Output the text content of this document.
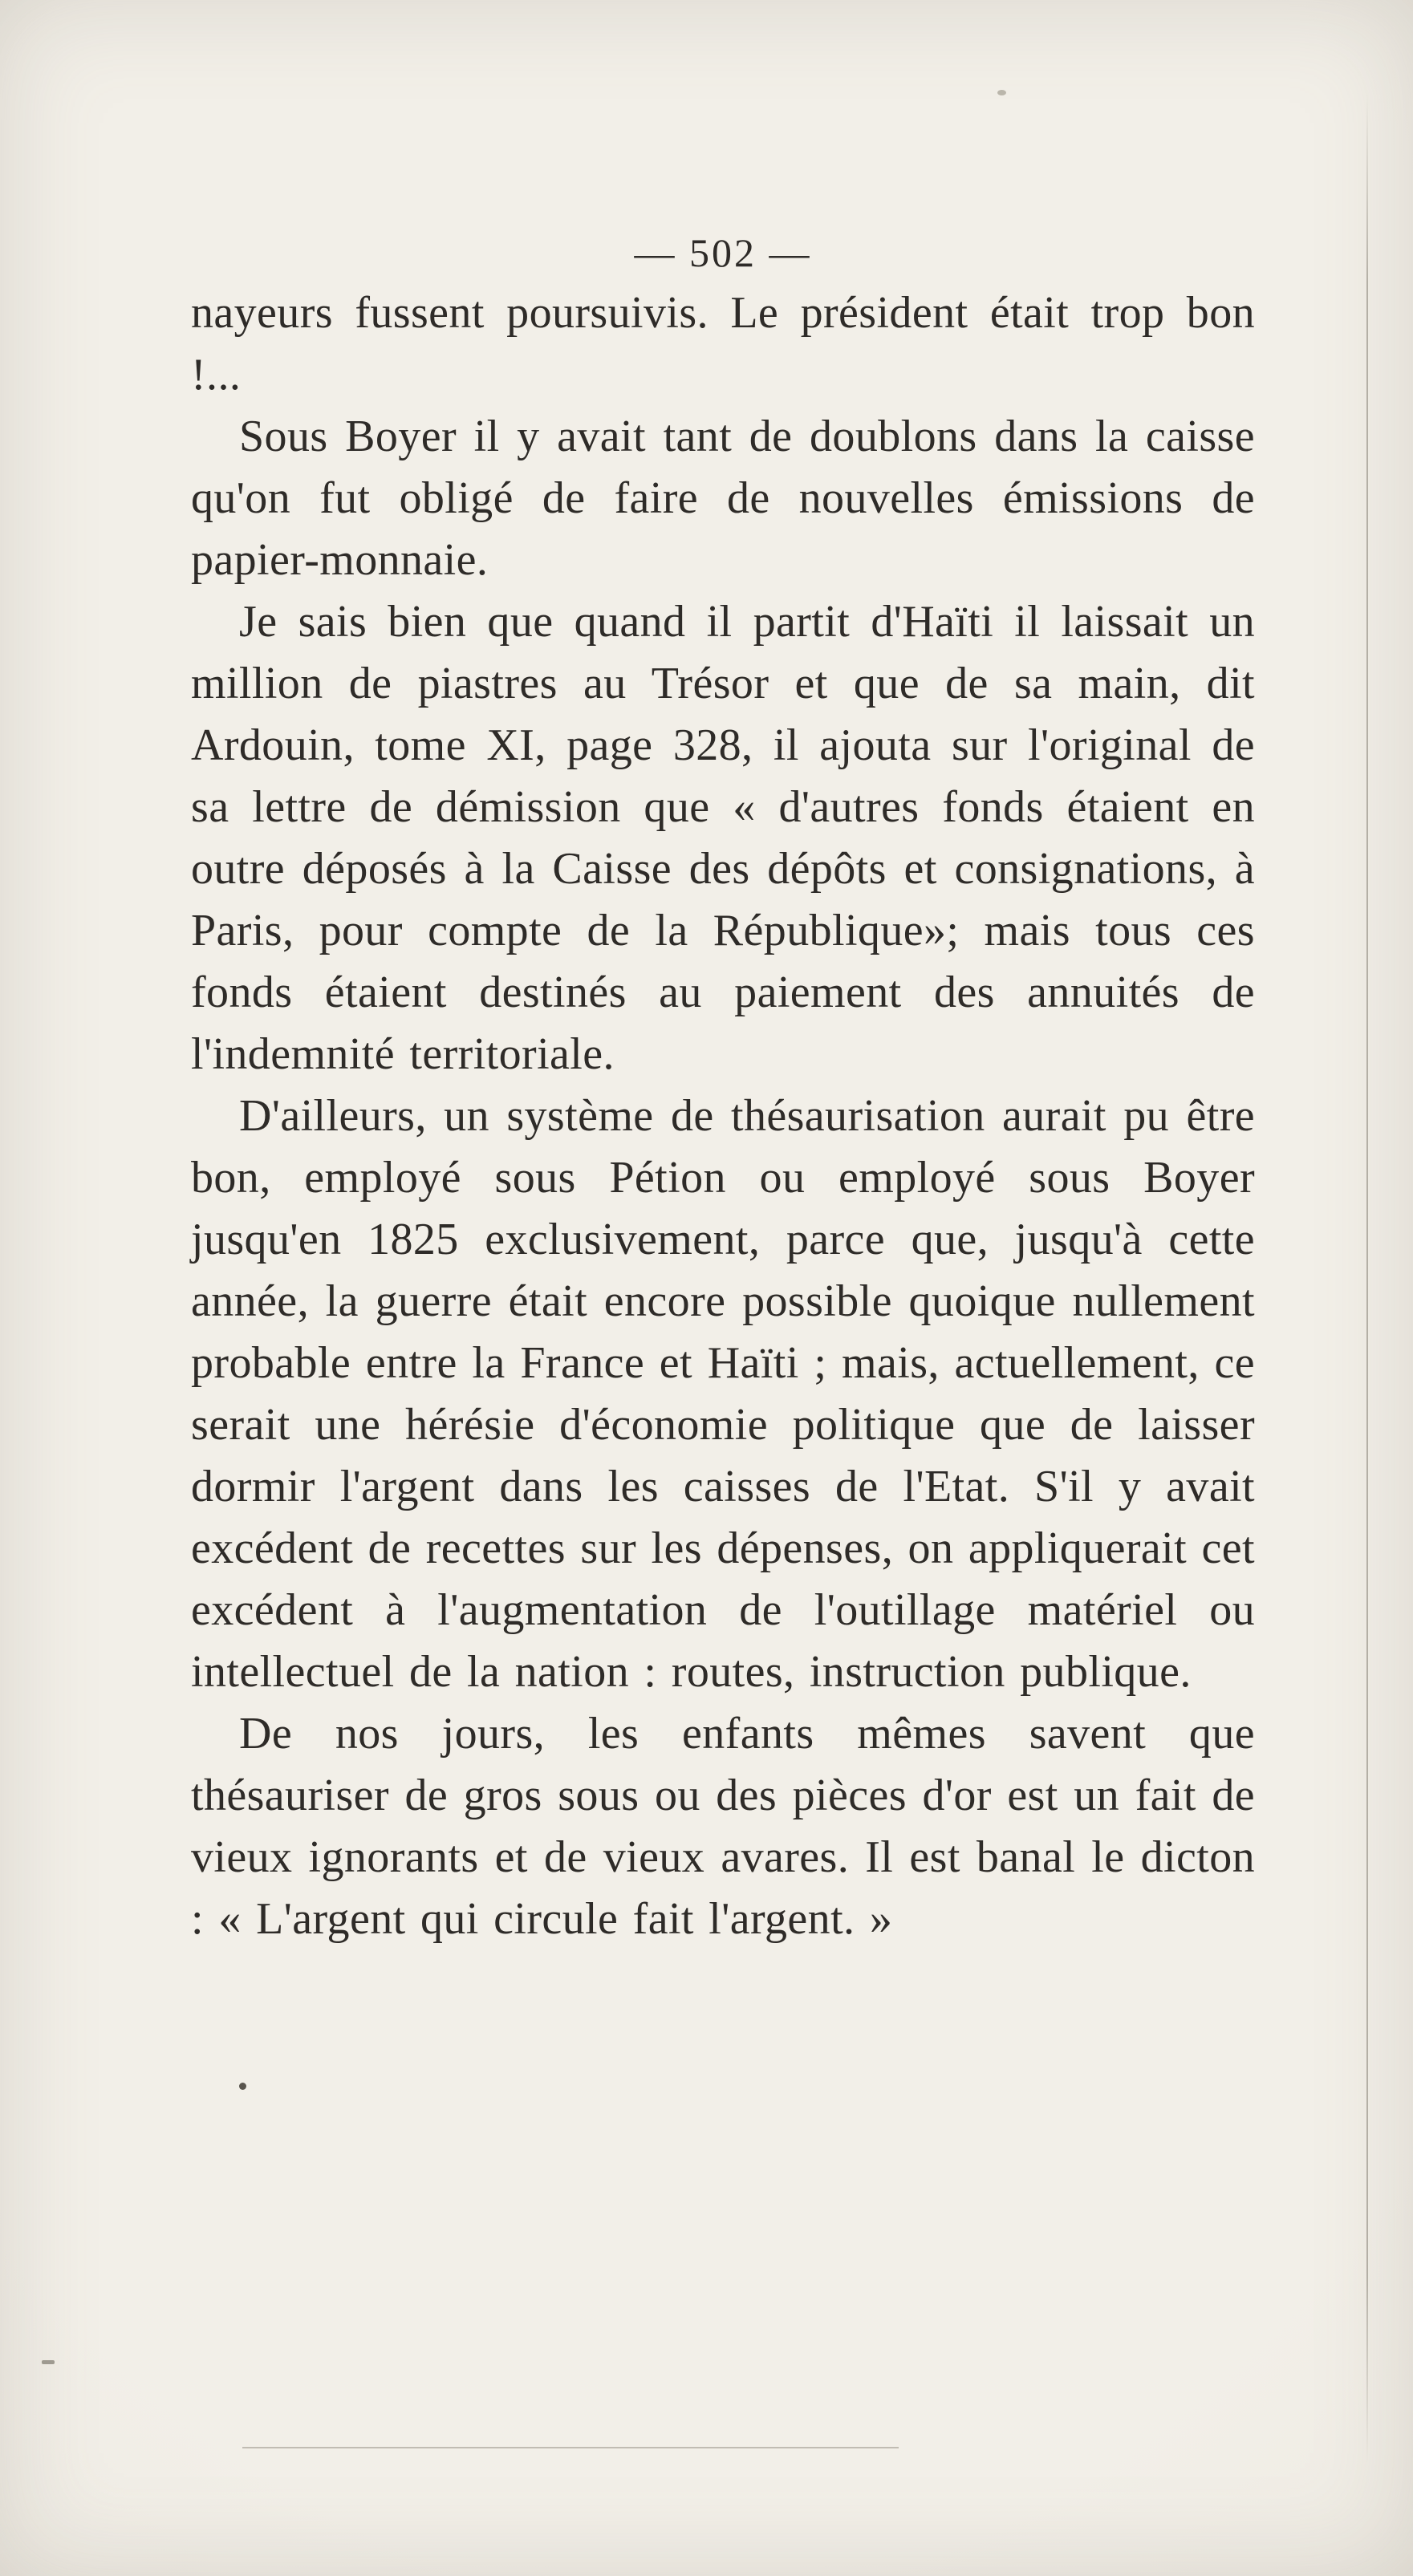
— 502 —

nayeurs fussent poursuivis. Le président était trop bon !...

Sous Boyer il y avait tant de doublons dans la caisse qu'on fut obligé de faire de nouvelles émissions de papier-monnaie.

Je sais bien que quand il partit d'Haïti il laissait un million de piastres au Trésor et que de sa main, dit Ardouin, tome XI, page 328, il ajouta sur l'original de sa lettre de démission que « d'autres fonds étaient en outre déposés à la Caisse des dépôts et consignations, à Paris, pour compte de la République»; mais tous ces fonds étaient destinés au paiement des annuités de l'indemnité territoriale.

D'ailleurs, un système de thésaurisation aurait pu être bon, employé sous Pétion ou employé sous Boyer jusqu'en 1825 exclusivement, parce que, jusqu'à cette année, la guerre était encore possible quoique nullement probable entre la France et Haïti ; mais, actuellement, ce serait une hérésie d'économie politique que de laisser dormir l'argent dans les caisses de l'Etat. S'il y avait excédent de recettes sur les dépenses, on appliquerait cet excédent à l'augmentation de l'outillage matériel ou intellectuel de la nation : routes, instruction publique.

De nos jours, les enfants mêmes savent que thésauriser de gros sous ou des pièces d'or est un fait de vieux ignorants et de vieux avares. Il est banal le dicton : « L'argent qui circule fait l'argent. »
